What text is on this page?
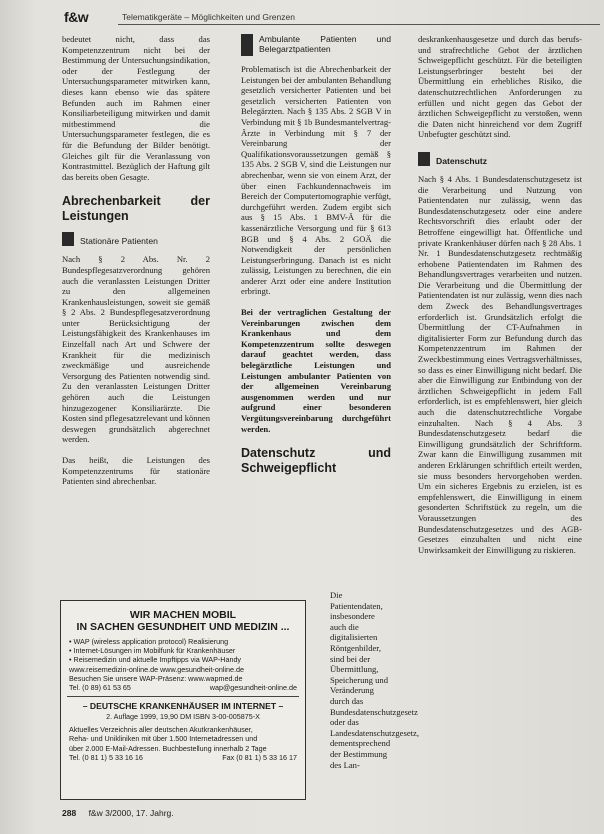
f&w	Telematikgeräte – Möglichkeiten und Grenzen

bedeutet nicht, dass das Kompetenzzentrum nicht bei der Bestimmung der Untersuchungsindikation, oder der Festlegung der Untersuchungsparameter mitwirken kann, dieses kann ebenso wie das spätere Befunden auch im Rahmen einer Konsiliarbeteiligung mitwirken und damit mitbestimmend die Untersuchungsparameter festlegen, die es für die Befundung der Bilder benötigt. Gleiches gilt für die Veranlassung von Kontrastmittel. Bezüglich der Haftung gilt das bereits oben Gesagte.

Abrechenbarkeit der Leistungen
Stationäre Patienten

Nach § 2 Abs. Nr. 2 Bundespflegesatzverordnung gehören auch die veranlassten Leistungen Dritter zu den allgemeinen Krankenhausleistungen, soweit sie gemäß § 2 Abs. 2 Bundespflegesatzverordnung unter Berücksichtigung der Leistungsfähigkeit des Krankenhauses im Einzelfall nach Art und Schwere der Krankheit für die medizinisch zweckmäßige und ausreichende Versorgung des Patienten notwendig sind. Zu den veranlassten Leistungen Dritter gehören auch die Leistungen hinzugezogener Konsiliarärzte. Die Kosten sind pflegesatzrelevant und können deswegen grundsätzlich abgerechnet werden.

Das heißt, die Leistungen des Kompetenzzentrums für stationäre Patienten sind abrechenbar.

Ambulante Patienten und Belegarztpatienten

Problematisch ist die Abrechenbarkeit der Leistungen bei der ambulanten Behandlung gesetzlich versicherter Patienten und bei gesetzlich versicherten Patienten von Belegärzten. Nach § 135 Abs. 2 SGB V in Verbindung mit § 1b Bundesmantelvertrag-Ärzte in Verbindung mit § 7 der Vereinbarung der Qualifikationsvoraussetzungen gemäß § 135 Abs. 2 SGB V, sind die Leistungen nur abrechenbar, wenn sie von einem Arzt, der über einen Fachkundennachweis im Bereich der Computertomographie verfügt, durchgeführt werden. Zudem ergibt sich aus § 15 Abs. 1 BMV-Ä für die kassenärztliche Versorgung und für § 613 BGB und § 4 Abs. 2 GOÄ die Notwendigkeit der persönlichen Leistungserbringung. Danach ist es nicht zulässig, Leistungen zu berechnen, die ein anderer Arzt oder eine andere Institution erbringt.

Bei der vertraglichen Gestaltung der Vereinbarungen zwischen dem Krankenhaus und dem Kompetenzzentrum sollte deswegen darauf geachtet werden, dass belegärztliche Leistungen und Leistungen ambulanter Patienten von der allgemeinen Vereinbarung ausgenommen werden und nur aufgrund einer besonderen Vergütungsvereinbarung durchgeführt werden.

Datenschutz und Schweigepflicht
Die Patientendaten, insbesondere auch die digitalisierten Röntgenbilder, sind bei der Übermittlung, Speicherung und Veränderung durch das Bundesdatenschutzgesetz oder das Landesdatenschutzgesetz, dementsprechend der Bestimmung des Lan-

deskrankenhausgesetze und durch das berufs- und strafrechtliche Gebot der ärztlichen Schweigepflicht geschützt. Für die beteiligten Leistungserbringer besteht bei der Übermittlung ein erhebliches Risiko, die datenschutzrechtlichen Anforderungen zu erfüllen und nicht gegen das Gebot der ärztlichen Schweigepflicht zu verstoßen, wenn die Daten nicht hinreichend vor dem Zugriff Unbefugter geschützt sind.

Datenschutz

Nach § 4 Abs. 1 Bundesdatenschutzgesetz ist die Verarbeitung und Nutzung von Patientendaten nur zulässig, wenn das Bundesdatenschutzgesetz oder eine andere Rechtsvorschrift dies erlaubt oder der Betroffene eingewilligt hat. Öffentliche und private Krankenhäuser dürfen nach § 28 Abs. 1 Nr. 1 Bundesdatenschutzgesetz rechtmäßig erhobene Patientendaten im Rahmen des Behandlungsvertrages verarbeiten und nutzen. Die Verarbeitung und die Übermittlung der Patientendaten ist nur zulässig, wenn dies nach dem Zweck des Behandlungsvertrages erforderlich ist. Grundsätzlich erfolgt die Übermittlung der CT-Aufnahmen in digitalisierter Form zur Befundung durch das Kompetenzzentrum im Rahmen der Zweckbestimmung eines Vertragsverhältnisses, so dass es einer Einwilligung nicht bedarf. Die aber die Einwilligung zur Entbindung von der ärztlichen Schweigepflicht in jedem Fall erforderlich, ist es empfehlenswert, hier gleich auch die datenschutzrechtliche Vorgabe einzuhalten. Nach § 4 Abs. 3 Bundesdatenschutzgesetz bedarf die Einwilligung grundsätzlich der Schriftform. Zwar kann die Einwilligung zusammen mit anderen Erklärungen schriftlich erteilt werden, sie muss besonders hervorgehoben werden. Um ein sicheres Ergebnis zu erzielen, ist es empfehlenswert, die Einwilligung in einem gesonderten Schriftstück zu regeln, um die Voraussetzungen des Bundesdatenschutzgesetzes und des AGB-Gesetzes einzuhalten und nicht eine Unwirksamkeit der Einwilligung zu riskieren.

WIR MACHEN MOBIL
IN SACHEN GESUNDHEIT UND MEDIZIN ...
• WAP (wireless application protocol) Realisierung
• Internet-Lösungen im Mobilfunk für Krankenhäuser
• Reisemedizin und aktuelle Impftipps via WAP-Handy
www.reisemedizin-online.de www.gesundheit-online.de
Besuchen Sie unsere WAP-Präsenz: www.wapmed.de
Tel. (0 89) 61 53 65	wap@gesundheit-online.de
– DEUTSCHE KRANKENHÄUSER IM INTERNET –
2. Auflage 1999, 19,90 DM ISBN 3-00-005875-X
Aktuelles Verzeichnis aller deutschen Akutkrankenhäuser,
Reha- und Unikliniken mit über 1.500 Internetadressen und
über 2.000 E-Mail-Adressen. Buchbestellung innerhalb 2 Tage
Tel. (0 81 1) 5 33 16 16	Fax (0 81 1) 5 33 16 17
288 f&w 3/2000, 17. Jahrg.
